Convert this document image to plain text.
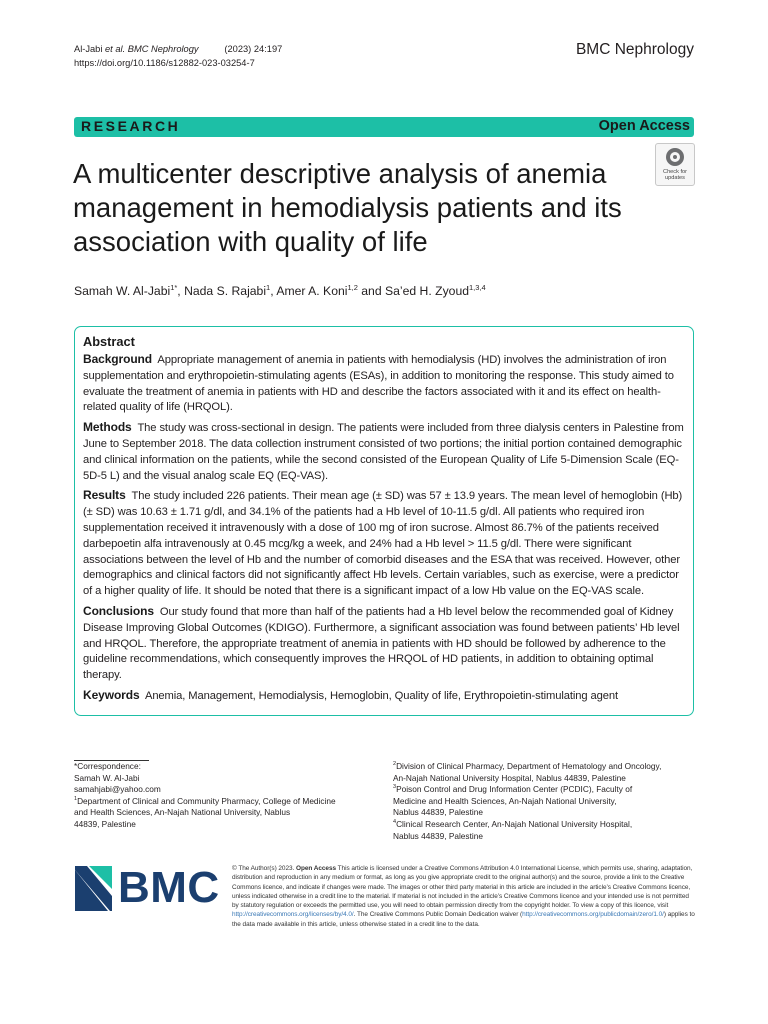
Al-Jabi et al. BMC Nephrology	(2023) 24:197
https://doi.org/10.1186/s12882-023-03254-7
BMC Nephrology
RESEARCH	Open Access
Check for
updates
A multicenter descriptive analysis of anemia
management in hemodialysis patients and its
association with quality of life
Samah W. Al-Jabi$^{1*}$, Nada S. Rajabi$^1$, Amer A. Koni$^{1,2}$ and Sa’ed H. Zyoud$^{1,3,4}$
Abstract

Background Appropriate management of anemia in patients with hemodialysis (HD) involves the administration of iron supplementation and erythropoietin-stimulating agents (ESAs), in addition to monitoring the response. This study aimed to evaluate the treatment of anemia in patients with HD and describe the factors associated with it and its effect on health-related quality of life (HRQOL).

Methods The study was cross-sectional in design. The patients were included from three dialysis centers in Palestine from June to September 2018. The data collection instrument consisted of two portions; the initial portion contained demographic and clinical information on the patients, while the second consisted of the European Quality of Life 5-Dimension Scale (EQ-5D-5 L) and the visual analog scale EQ (EQ-VAS).

Results The study included 226 patients. Their mean age (± SD) was 57 ± 13.9 years. The mean level of hemoglobin (Hb) (± SD) was 10.63 ± 1.71 g/dl, and 34.1% of the patients had a Hb level of 10-11.5 g/dl. All patients who required iron supplementation received it intravenously with a dose of 100 mg of iron sucrose. Almost 86.7% of the patients received darbepoetin alfa intravenously at 0.45 mcg/kg a week, and 24% had a Hb level > 11.5 g/dl. There were significant associations between the level of Hb and the number of comorbid diseases and the ESA that was received. However, other demographics and clinical factors did not significantly affect Hb levels. Certain variables, such as exercise, were a predictor of a higher quality of life. It should be noted that there is a significant impact of a low Hb value on the EQ-VAS scale.

Conclusions Our study found that more than half of the patients had a Hb level below the recommended goal of Kidney Disease Improving Global Outcomes (KDIGO). Furthermore, a significant association was found between patients’ Hb level and HRQOL. Therefore, the appropriate treatment of anemia in patients with HD should be followed by adherence to the guideline recommendations, which consequently improves the HRQOL of HD patients, in addition to obtaining optimal therapy.

Keywords Anemia, Management, Hemodialysis, Hemoglobin, Quality of life, Erythropoietin-stimulating agent

*Correspondence:
Samah W. Al-Jabi
samahjabi@yahoo.com
$^1$Department of Clinical and Community Pharmacy, College of Medicine
and Health Sciences, An-Najah National University, Nablus
44839, Palestine
$^2$Division of Clinical Pharmacy, Department of Hematology and Oncology,
An-Najah National University Hospital, Nablus 44839, Palestine
$^3$Poison Control and Drug Information Center (PCDIC), Faculty of
Medicine and Health Sciences, An-Najah National University,
Nablus 44839, Palestine
$^4$Clinical Research Center, An-Najah National University Hospital,
Nablus 44839, Palestine
BMC © The Author(s) 2023. Open Access This article is licensed under a Creative Commons Attribution 4.0 International License, which permits use, sharing, adaptation, distribution and reproduction in any medium or format, as long as you give appropriate credit to the original author(s) and the source, provide a link to the Creative Commons licence, and indicate if changes were made. The images or other third party material in this article are included in the article’s Creative Commons licence, unless indicated otherwise in a credit line to the material. If material is not included in the article’s Creative Commons licence and your intended use is not permitted by statutory regulation or exceeds the permitted use, you will need to obtain permission directly from the copyright holder. To view a copy of this licence, visit http://creativecommons.org/licenses/by/4.0/. The Creative Commons Public Domain Dedication waiver (http://creativecommons.org/publicdomain/zero/1.0/) applies to the data made available in this article, unless otherwise stated in a credit line to the data.
